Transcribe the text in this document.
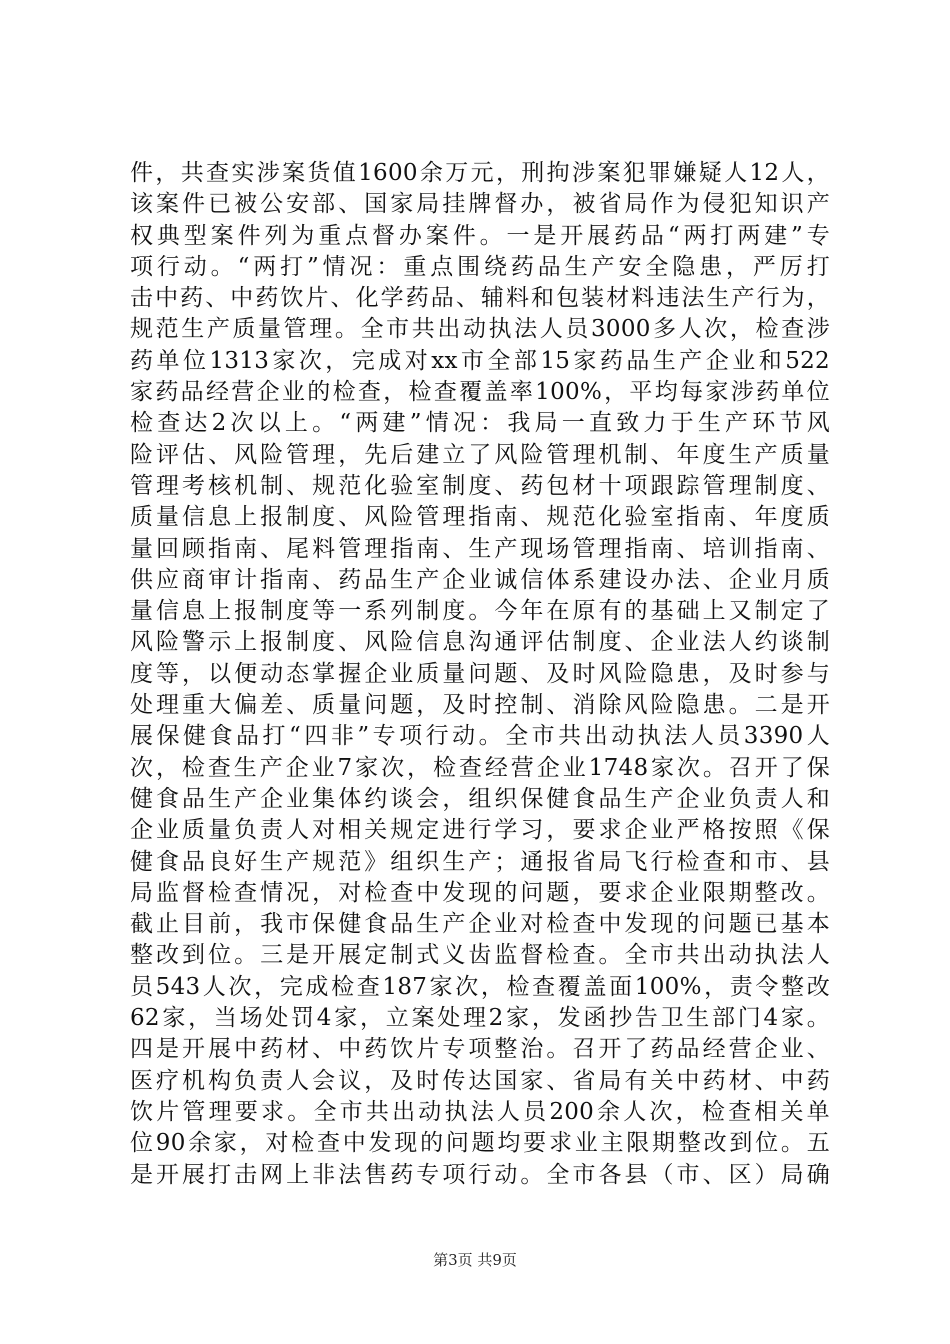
件，共查实涉案货值1600余万元，刑拘涉案犯罪嫌疑人12人，
该案件已被公安部、国家局挂牌督办，被省局作为侵犯知识产
权典型案件列为重点督办案件。一是开展药品“两打两建”专
项行动。“两打”情况：重点围绕药品生产安全隐患，严厉打
击中药、中药饮片、化学药品、辅料和包装材料违法生产行为，
规范生产质量管理。全市共出动执法人员3000多人次，检查涉
药单位1313家次，完成对xx市全部15家药品生产企业和522
家药品经营企业的检查，检查覆盖率100%，平均每家涉药单位
检查达2次以上。“两建”情况：我局一直致力于生产环节风
险评估、风险管理，先后建立了风险管理机制、年度生产质量
管理考核机制、规范化验室制度、药包材十项跟踪管理制度、
质量信息上报制度、风险管理指南、规范化验室指南、年度质
量回顾指南、尾料管理指南、生产现场管理指南、培训指南、
供应商审计指南、药品生产企业诚信体系建设办法、企业月质
量信息上报制度等一系列制度。今年在原有的基础上又制定了
风险警示上报制度、风险信息沟通评估制度、企业法人约谈制
度等，以便动态掌握企业质量问题、及时风险隐患，及时参与
处理重大偏差、质量问题，及时控制、消除风险隐患。二是开
展保健食品打“四非”专项行动。全市共出动执法人员3390人
次，检查生产企业7家次，检查经营企业1748家次。召开了保
健食品生产企业集体约谈会，组织保健食品生产企业负责人和
企业质量负责人对相关规定进行学习，要求企业严格按照《保
健食品良好生产规范》组织生产；通报省局飞行检查和市、县
局监督检查情况，对检查中发现的问题，要求企业限期整改。
截止目前，我市保健食品生产企业对检查中发现的问题已基本
整改到位。三是开展定制式义齿监督检查。全市共出动执法人
员543人次，完成检查187家次，检查覆盖面100%，责令整改
62家，当场处罚4家，立案处理2家，发函抄告卫生部门4家。
四是开展中药材、中药饮片专项整治。召开了药品经营企业、
医疗机构负责人会议，及时传达国家、省局有关中药材、中药
饮片管理要求。全市共出动执法人员200余人次，检查相关单
位90余家，对检查中发现的问题均要求业主限期整改到位。五
是开展打击网上非法售药专项行动。全市各县（市、区）局确
第3页 共9页
